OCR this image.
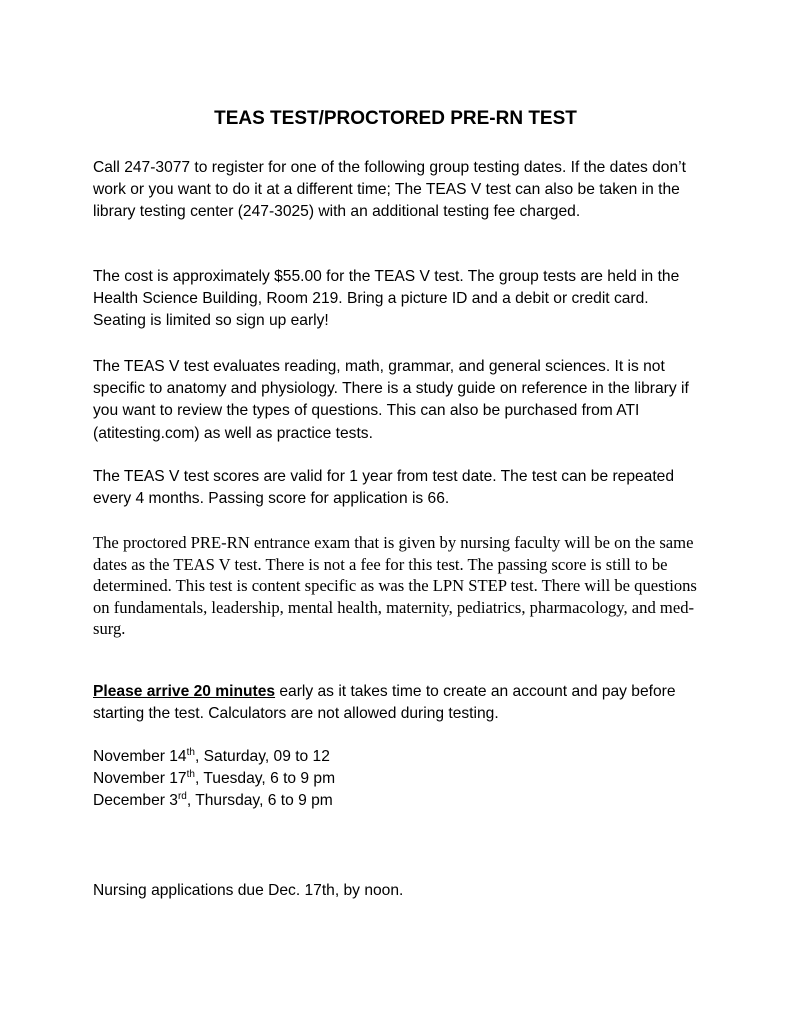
TEAS TEST/PROCTORED PRE-RN TEST

Call 247-3077 to register for one of the following group testing dates. If the dates don’t work or you want to do it at a different time; The TEAS V test can also be taken in the library testing center (247-3025) with an additional testing fee charged.

The cost is approximately $55.00 for the TEAS V test. The group tests are held in the Health Science Building, Room 219. Bring a picture ID and a debit or credit card. Seating is limited so sign up early!

The TEAS V test evaluates reading, math, grammar, and general sciences. It is not specific to anatomy and physiology. There is a study guide on reference in the library if you want to review the types of questions. This can also be purchased from ATI (atitesting.com) as well as practice tests.

The TEAS V test scores are valid for 1 year from test date. The test can be repeated every 4 months. Passing score for application is 66.

The proctored PRE-RN entrance exam that is given by nursing faculty will be on the same dates as the TEAS V test. There is not a fee for this test. The passing score is still to be determined. This test is content specific as was the LPN STEP test. There will be questions on fundamentals, leadership, mental health, maternity, pediatrics, pharmacology, and med-surg.

Please arrive 20 minutes early as it takes time to create an account and pay before starting the test. Calculators are not allowed during testing.

November 14th, Saturday, 09 to 12
November 17th, Tuesday, 6 to 9 pm
December 3rd, Thursday, 6 to 9 pm

Nursing applications due Dec. 17th, by noon.
